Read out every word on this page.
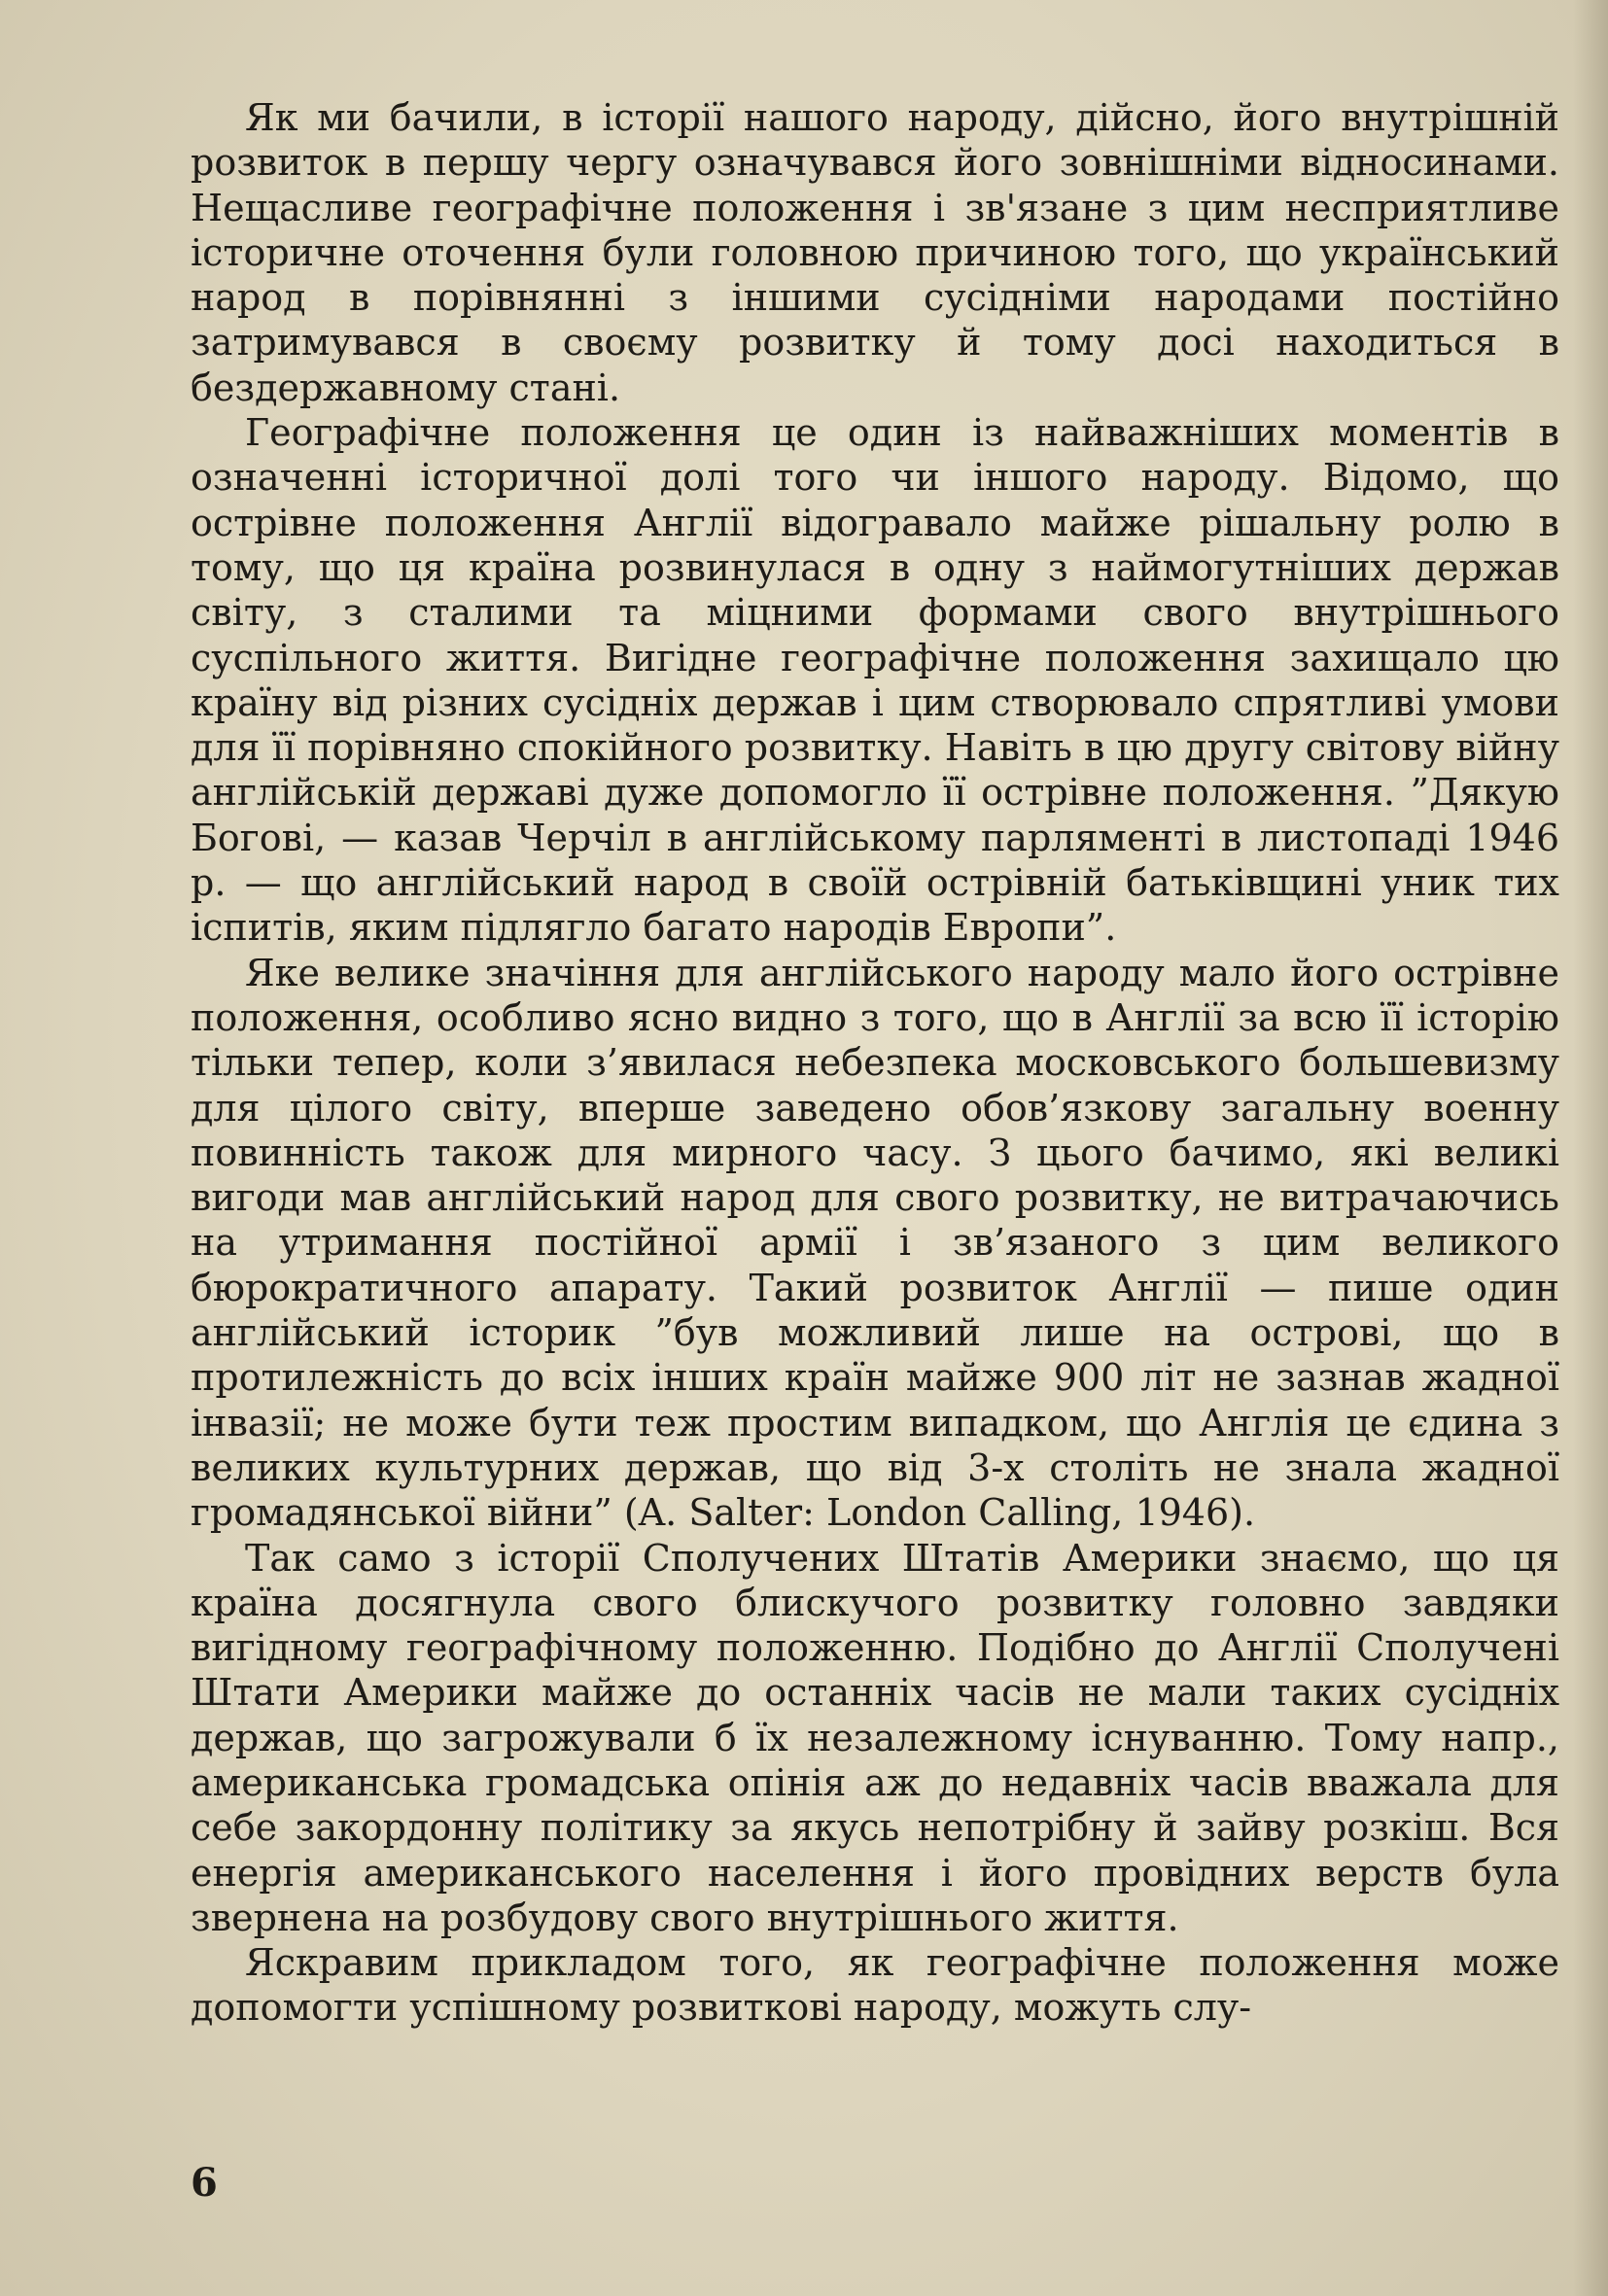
Як ми бачили, в історії нашого народу, дійсно, його внутрішній розвиток в першу чергу означувався його зовнішніми відносинами. Нещасливе географічне положення і зв'язане з цим несприятливе історичне оточення були головною причиною того, що український народ в порівнянні з іншими сусідніми народами постійно затримувався в своєму розвитку й тому досі находиться в бездержавному стані.

Географічне положення це один із найважніших моментів в означенні історичної долі того чи іншого народу. Відомо, що острівне положення Англії відогравало майже рішальну ролю в тому, що ця країна розвинулася в одну з наймогутніших держав світу, з сталими та міцними формами свого внутрішнього суспільного життя. Вигідне географічне положення захищало цю країну від різних сусідніх держав і цим створювало спрятливі умови для її порівняно спокійного розвитку. Навіть в цю другу світову війну англійській державі дуже допомогло її острівне положення. ”Дякую Богові, — казав Черчіл в англійському парляменті в листопаді 1946 р. — що англійський народ в своїй острівній батьківщині уник тих іспитів, яким підлягло багато народів Европи”.

Яке велике значіння для англійського народу мало його острівне положення, особливо ясно видно з того, що в Англії за всю її історію тільки тепер, коли з’явилася небезпека московського большевизму для цілого світу, вперше заведено обов’язкову загальну военну повинність також для мирного часу. З цього бачимо, які великі вигоди мав англійський народ для свого розвитку, не витрачаючись на утримання постійної армії і зв’язаного з цим великого бюрократичного апарату. Такий розвиток Англії — пише один англійський історик ”був можливий лише на острові, що в протилежність до всіх інших країн майже 900 літ не зазнав жадної інвазії; не може бути теж простим випадком, що Англія це єдина з великих культурних держав, що від 3-х століть не знала жадної громадянської війни” (A. Salter: London Calling, 1946).

Так само з історії Сполучених Штатів Америки знаємо, що ця країна досягнула свого блискучого розвитку головно завдяки вигідному географічному положенню. Подібно до Англії Сполучені Штати Америки майже до останніх часів не мали таких сусідніх держав, що загрожували б їх незалежному існуванню. Тому напр., американська громадська опінія аж до недавніх часів вважала для себе закордонну політику за якусь непотрібну й зайву розкіш. Вся енергія американського населення і його провідних верств була звернена на розбудову свого внутрішнього життя.

Яскравим прикладом того, як географічне положення може допомогти успішному розвиткові народу, можуть слу-

6
